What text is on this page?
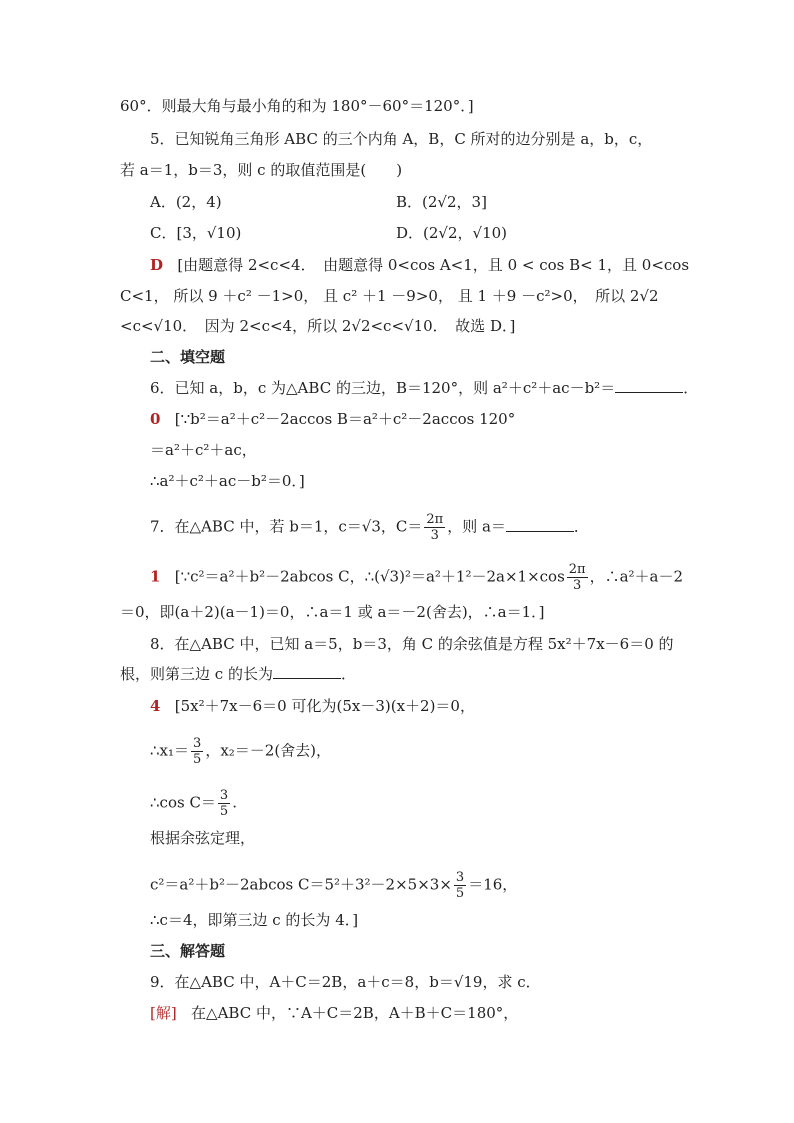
60°．则最大角与最小角的和为 180°－60°＝120°．]
5．已知锐角三角形 ABC 的三个内角 A，B，C 所对的边分别是 a，b，c，
若 a＝1，b＝3，则 c 的取值范围是(　　)
A．(2，4)	B．(2√2，3]
C．[3，√10)	D．(2√2，√10)
D [由题意得 2<c<4．　由题意得 0<cos A<1，且 0 < cos B< 1，且 0<cos
C<1， 所以 9 ＋c² －1>0， 且 c² ＋1 －9>0， 且 1 ＋9 －c²>0，　所以 2√2
<c<√10．　因为 2<c<4，所以 2√2<c<√10．　故选 D．]
二、填空题
6．已知 a，b，c 为△ABC 的三边，B＝120°，则 a²＋c²＋ac－b²＝	．
0 [∵b²＝a²＋c²－2accos B＝a²＋c²－2accos 120°
＝a²＋c²＋ac，
∴a²＋c²＋ac－b²＝0．]
7．在△ABC 中，若 b＝1，c＝√3，$C= \frac{2\pi}{3}$ ，则 a＝	．
1 [∵c²＝a²＋b²－2abcos C，∴(√3)²＝a²＋1²－2a×1×cos $\frac{2\pi}{3}$ ，∴a²＋a－2
＝0，即(a＋2)(a－1)＝0，∴a＝1 或 a＝－2(舍去)，∴a＝1．]
8．在△ABC 中，已知 a＝5，b＝3，角 C 的余弦值是方程 5x²＋7x－6＝0 的
根，则第三边 c 的长为	．
4 [5x²＋7x－6＝0 可化为(5x－3)(x＋2)＝0，
∴x₁＝ $\frac{3}{5}$ ，x₂＝－2(舍去)，
∴cos $C= \frac{3}{5}$ .
根据余弦定理，
c²＝a²＋b²－2abcos $C=5^2+3^2-2\times 5\times 3\times \frac{3}{5} =16$，
∴c＝4，即第三边 c 的长为 4．]
三、解答题
9．在△ABC 中，A＋C＝2B，a＋c＝8，b＝√19，求 c．
[解] 在△ABC 中，∵A＋C＝2B，A＋B＋C＝180°，
